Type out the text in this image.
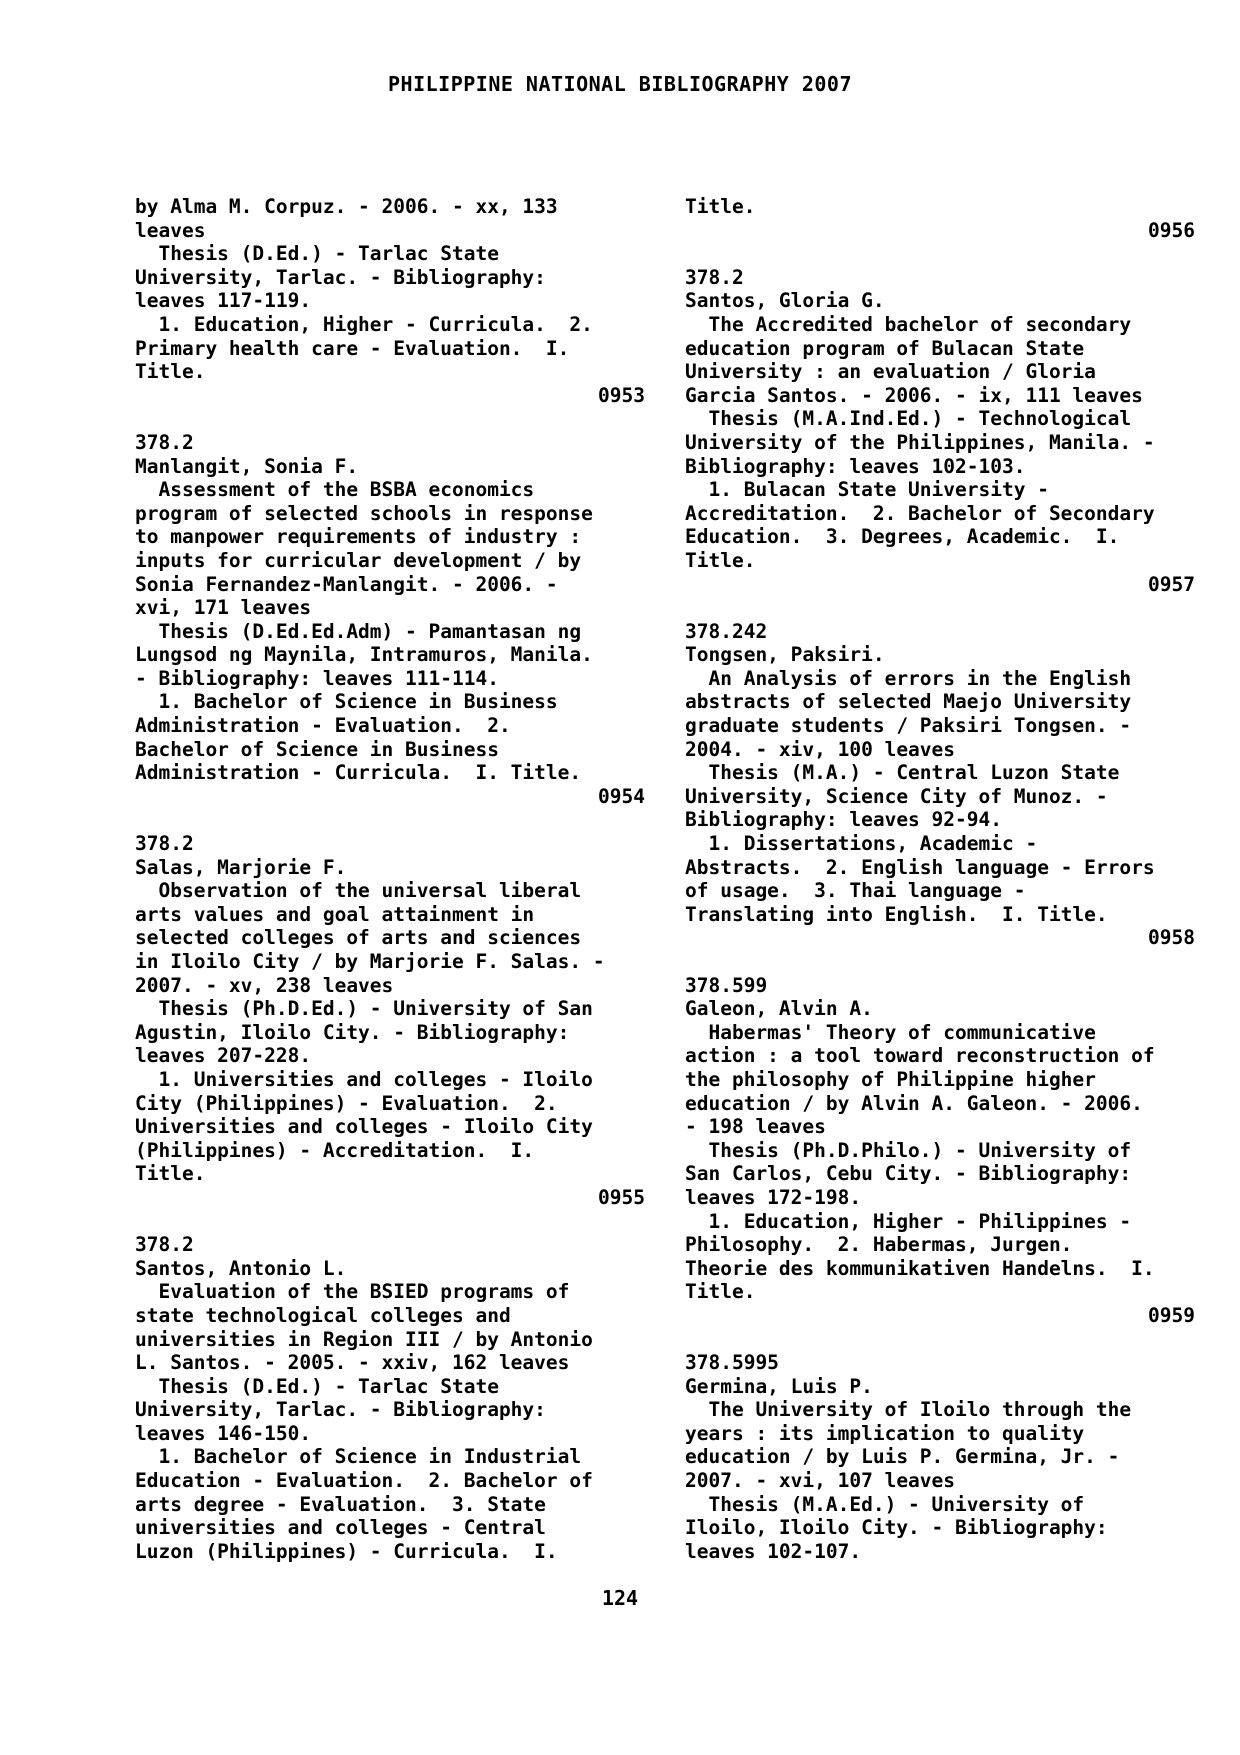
PHILIPPINE NATIONAL BIBLIOGRAPHY 2007
by Alma M. Corpuz. - 2006. - xx, 133
leaves
Thesis (D.Ed.) - Tarlac State
University, Tarlac. - Bibliography:
leaves 117-119.
1. Education, Higher - Curricula.  2.
Primary health care - Evaluation.  I.
Title.
0953
378.2
Manlangit, Sonia F.
Assessment of the BSBA economics
program of selected schools in response
to manpower requirements of industry :
inputs for curricular development / by
Sonia Fernandez-Manlangit. - 2006. -
xvi, 171 leaves
Thesis (D.Ed.Ed.Adm) - Pamantasan ng
Lungsod ng Maynila, Intramuros, Manila.
- Bibliography: leaves 111-114.
1. Bachelor of Science in Business
Administration - Evaluation.  2.
Bachelor of Science in Business
Administration - Curricula.  I. Title.
0954
378.2
Salas, Marjorie F.
Observation of the universal liberal
arts values and goal attainment in
selected colleges of arts and sciences
in Iloilo City / by Marjorie F. Salas. -
2007. - xv, 238 leaves
Thesis (Ph.D.Ed.) - University of San
Agustin, Iloilo City. - Bibliography:
leaves 207-228.
1. Universities and colleges - Iloilo
City (Philippines) - Evaluation.  2.
Universities and colleges - Iloilo City
(Philippines) - Accreditation.  I.
Title.
0955
378.2
Santos, Antonio L.
Evaluation of the BSIED programs of
state technological colleges and
universities in Region III / by Antonio
L. Santos. - 2005. - xxiv, 162 leaves
Thesis (D.Ed.) - Tarlac State
University, Tarlac. - Bibliography:
leaves 146-150.
1. Bachelor of Science in Industrial
Education - Evaluation.  2. Bachelor of
arts degree - Evaluation.  3. State
universities and colleges - Central
Luzon (Philippines) - Curricula.  I.
Title.
0956
378.2
Santos, Gloria G.
The Accredited bachelor of secondary
education program of Bulacan State
University : an evaluation / Gloria
Garcia Santos. - 2006. - ix, 111 leaves
Thesis (M.A.Ind.Ed.) - Technological
University of the Philippines, Manila. -
Bibliography: leaves 102-103.
1. Bulacan State University -
Accreditation.  2. Bachelor of Secondary
Education.  3. Degrees, Academic.  I.
Title.
0957
378.242
Tongsen, Paksiri.
An Analysis of errors in the English
abstracts of selected Maejo University
graduate students / Paksiri Tongsen. -
2004. - xiv, 100 leaves
Thesis (M.A.) - Central Luzon State
University, Science City of Munoz. -
Bibliography: leaves 92-94.
1. Dissertations, Academic -
Abstracts.  2. English language - Errors
of usage.  3. Thai language -
Translating into English.  I. Title.
0958
378.599
Galeon, Alvin A.
Habermas' Theory of communicative
action : a tool toward reconstruction of
the philosophy of Philippine higher
education / by Alvin A. Galeon. - 2006.
- 198 leaves
Thesis (Ph.D.Philo.) - University of
San Carlos, Cebu City. - Bibliography:
leaves 172-198.
1. Education, Higher - Philippines -
Philosophy.  2. Habermas, Jurgen.
Theorie des kommunikativen Handelns.  I.
Title.
0959
378.5995
Germina, Luis P.
The University of Iloilo through the
years : its implication to quality
education / by Luis P. Germina, Jr. -
2007. - xvi, 107 leaves
Thesis (M.A.Ed.) - University of
Iloilo, Iloilo City. - Bibliography:
leaves 102-107.
124
